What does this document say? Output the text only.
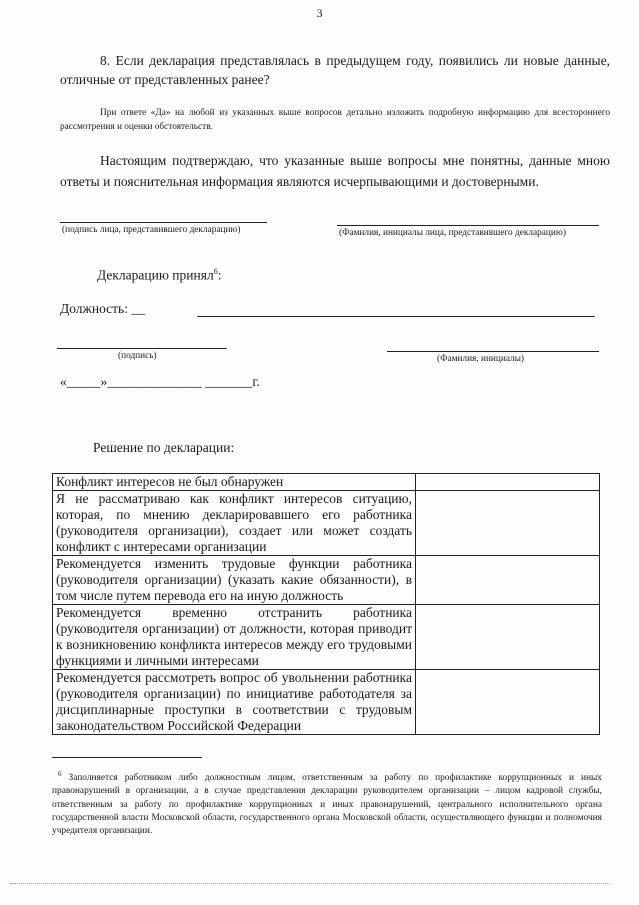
3
8. Если декларация представлялась в предыдущем году, появились ли новые данные, отличные от представленных ранее?
При ответе «Да» на любой из указанных выше вопросов детально изложить подробную информацию для всестороннего рассмотрения и оценки обстоятельств.
Настоящим подтверждаю, что указанные выше вопросы мне понятны, данные мною ответы и пояснительная информация являются исчерпывающими и достоверными.
(подпись лица, представившего декларацию)	(Фамилия, инициалы лица, представившего декларацию)
Декларацию принял$^6$:
Должность: __
(подпись)	(Фамилия, инициалы)
«_____»______________ _______г.
Решение по декларации:
Конфликт интересов не был обнаружен	
Я не рассматриваю как конфликт интересов ситуацию, которая, по мнению декларировавшего его работника (руководителя организации), создает или может создать конфликт с интересами организации	
Рекомендуется изменить трудовые функции работника (руководителя организации) (указать какие обязанности), в том числе путем перевода его на иную должность	
Рекомендуется временно отстранить работника (руководителя организации) от должности, которая приводит к возникновению конфликта интересов между его трудовыми функциями и личными интересами	
Рекомендуется рассмотреть вопрос об увольнении работника (руководителя организации) по инициативе работодателя за дисциплинарные проступки в соответствии с трудовым законодательством Российской Федерации	
$^6$ Заполняется работником либо должностным лицом, ответственным за работу по профилактике коррупционных и иных правонарушений в организации, а в случае представления декларации руководителем организации – лицом кадровой службы, ответственным за работу по профилактике коррупционных и иных правонарушений, центрального исполнительного органа государственной власти Московской области, государственного органа Московской области, осуществляющего функции и полномочия учредителя организации.
